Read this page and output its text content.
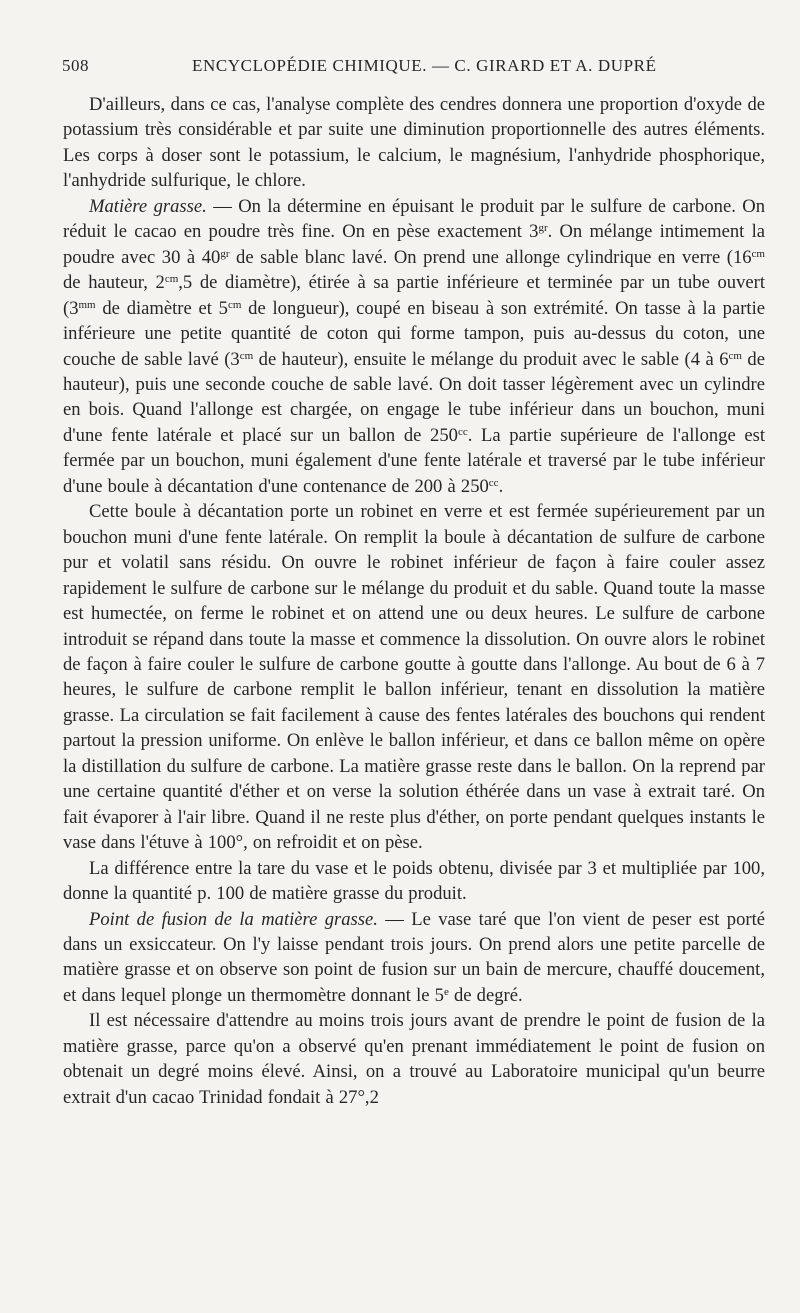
508	ENCYCLOPÉDIE CHIMIQUE. — C. GIRARD ET A. DUPRÉ

D'ailleurs, dans ce cas, l'analyse complète des cendres donnera une proportion d'oxyde de potassium très considérable et par suite une diminution proportionnelle des autres éléments. Les corps à doser sont le potassium, le calcium, le magnésium, l'anhydride phosphorique, l'anhydride sulfurique, le chlore.

Matière grasse. — On la détermine en épuisant le produit par le sulfure de carbone. On réduit le cacao en poudre très fine. On en pèse exactement $3^{gr}$. On mélange intimement la poudre avec 30 à $40^{gr}$ de sable blanc lavé. On prend une allonge cylindrique en verre ($16^{cm}$ de hauteur, $2^{cm},5$ de diamètre), étirée à sa partie inférieure et terminée par un tube ouvert ($3^{mm}$ de diamètre et $5^{cm}$ de longueur), coupé en biseau à son extrémité. On tasse à la partie inférieure une petite quantité de coton qui forme tampon, puis au-dessus du coton, une couche de sable lavé ($3^{cm}$ de hauteur), ensuite le mélange du produit avec le sable (4 à $6^{cm}$ de hauteur), puis une seconde couche de sable lavé. On doit tasser légèrement avec un cylindre en bois. Quand l'allonge est chargée, on engage le tube inférieur dans un bouchon, muni d'une fente latérale et placé sur un ballon de $250^{cc}$. La partie supérieure de l'allonge est fermée par un bouchon, muni également d'une fente latérale et traversé par le tube inférieur d'une boule à décantation d'une contenance de 200 à $250^{cc}$.

Cette boule à décantation porte un robinet en verre et est fermée supérieurement par un bouchon muni d'une fente latérale. On remplit la boule à décantation de sulfure de carbone pur et volatil sans résidu. On ouvre le robinet inférieur de façon à faire couler assez rapidement le sulfure de carbone sur le mélange du produit et du sable. Quand toute la masse est humectée, on ferme le robinet et on attend une ou deux heures. Le sulfure de carbone introduit se répand dans toute la masse et commence la dissolution. On ouvre alors le robinet de façon à faire couler le sulfure de carbone goutte à goutte dans l'allonge. Au bout de 6 à 7 heures, le sulfure de carbone remplit le ballon inférieur, tenant en dissolution la matière grasse. La circulation se fait facilement à cause des fentes latérales des bouchons qui rendent partout la pression uniforme. On enlève le ballon inférieur, et dans ce ballon même on opère la distillation du sulfure de carbone. La matière grasse reste dans le ballon. On la reprend par une certaine quantité d'éther et on verse la solution éthérée dans un vase à extrait taré. On fait évaporer à l'air libre. Quand il ne reste plus d'éther, on porte pendant quelques instants le vase dans l'étuve à 100°, on refroidit et on pèse.

La différence entre la tare du vase et le poids obtenu, divisée par 3 et multipliée par 100, donne la quantité p. 100 de matière grasse du produit.

Point de fusion de la matière grasse. — Le vase taré que l'on vient de peser est porté dans un exsiccateur. On l'y laisse pendant trois jours. On prend alors une petite parcelle de matière grasse et on observe son point de fusion sur un bain de mercure, chauffé doucement, et dans lequel plonge un thermomètre donnant le 5e de degré.

Il est nécessaire d'attendre au moins trois jours avant de prendre le point de fusion de la matière grasse, parce qu'on a observé qu'en prenant immédiatement le point de fusion on obtenait un degré moins élevé. Ainsi, on a trouvé au Laboratoire municipal qu'un beurre extrait d'un cacao Trinidad fondait à 27°,2
